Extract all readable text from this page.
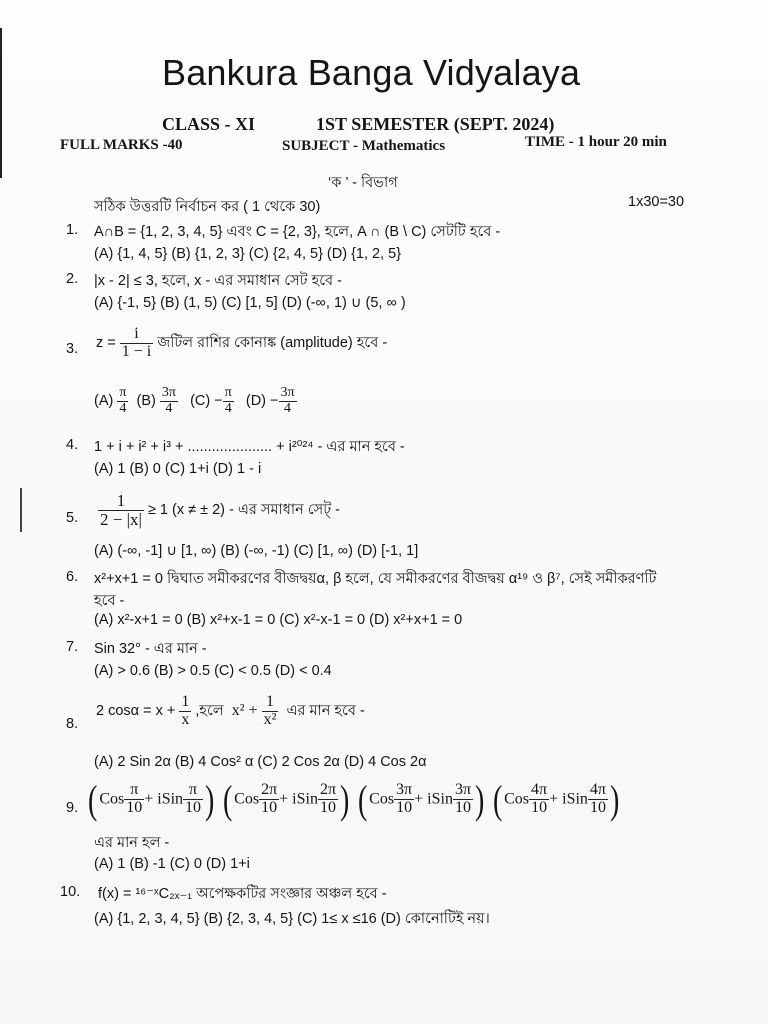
Bankura Banga Vidyalaya
CLASS - XI	1ST SEMESTER (SEPT. 2024)
FULL MARKS -40	SUBJECT - Mathematics	TIME - 1 hour 20 min
‘ক ’ - বিভাগ
সঠিক উত্তরটি নির্বাচন কর ( 1 থেকে 30)	1x30=30
1. A∩B = {1, 2, 3, 4, 5} এবং C = {2, 3}, হলে, A ∩ (B \ C) সেটটি হবে -
(A) {1, 4, 5} (B) {1, 2, 3} (C) {2, 4, 5} (D) {1, 2, 5}
2. |x - 2| ≤ 3, হলে, x - এর সমাধান সেট হবে -
(A) {-1, 5} (B) (1, 5) (C) [1, 5] (D) (-∞, 1) ∪ (5, ∞ )
3. $z = \frac{i}{1 - i}$ জটিল রাশির কোনাঙ্ক (amplitude) হবে -
$(A) \frac{\pi}{4} (B) \frac{3\pi}{4} (C) - \frac{\pi}{4} (D) - \frac{3\pi}{4}$
4. 1 + i + i² + i³ + ..................... + i²⁰²⁴ - এর মান হবে -
(A) 1 (B) 0 (C) 1+i (D) 1 - i
5. $\frac{1}{2 - |x|} \ge 1$ (x ≠ ± 2) - এর সমাধান সেট্‌ -
(A) (-∞, -1] ∪ [1, ∞) (B) (-∞, -1) (C) [1, ∞) (D) [-1, 1]
6. x²+x+1 = 0 দ্বিঘাত সমীকরণের বীজদ্বয়α, β হলে, যে সমীকরণের বীজদ্বয় α¹⁹ ও β⁷, সেই সমীকরণটি
হবে -
(A) x²-x+1 = 0 (B) x²+x-1 = 0 (C) x²-x-1 = 0 (D) x²+x+1 = 0
7. Sin 32° - এর মান -
(A) > 0.6 (B) > 0.5 (C) < 0.5 (D) < 0.4
8.
2 $\cos\alpha = x + \frac{1}{x}$ ,হলে $x^2 + \frac{1}{\text{x²}}$ এর মান হবে -
(A) 2 Sin 2α (B) 4 Cos² α (C) 2 Cos 2α (D) 4 Cos 2α
9. ( Cos $\frac{\pi}{10}$ + iSin $\frac{\pi}{10}$ ) ( Cos $\frac{2\pi}{10}$ + iSin $\frac{2\pi}{10}$ ) ( Cos $\frac{3\pi}{10}$ + iSin $\frac{3\pi}{10}$ ) ( Cos $\frac{4\pi}{10}$ + iSin $\frac{4\pi}{10}$ )
এর মান হল -
(A) 1 (B) -1 (C) 0 (D) 1+i
10. f(x) = ¹⁶⁻ˣC₂ₓ₋₁ অপেক্ষকটির সংজ্ঞার অঞ্চল হবে -
(A) {1, 2, 3, 4, 5} (B) {2, 3, 4, 5} (C) 1≤ x ≤16 (D) কোনোটিই নয়।
